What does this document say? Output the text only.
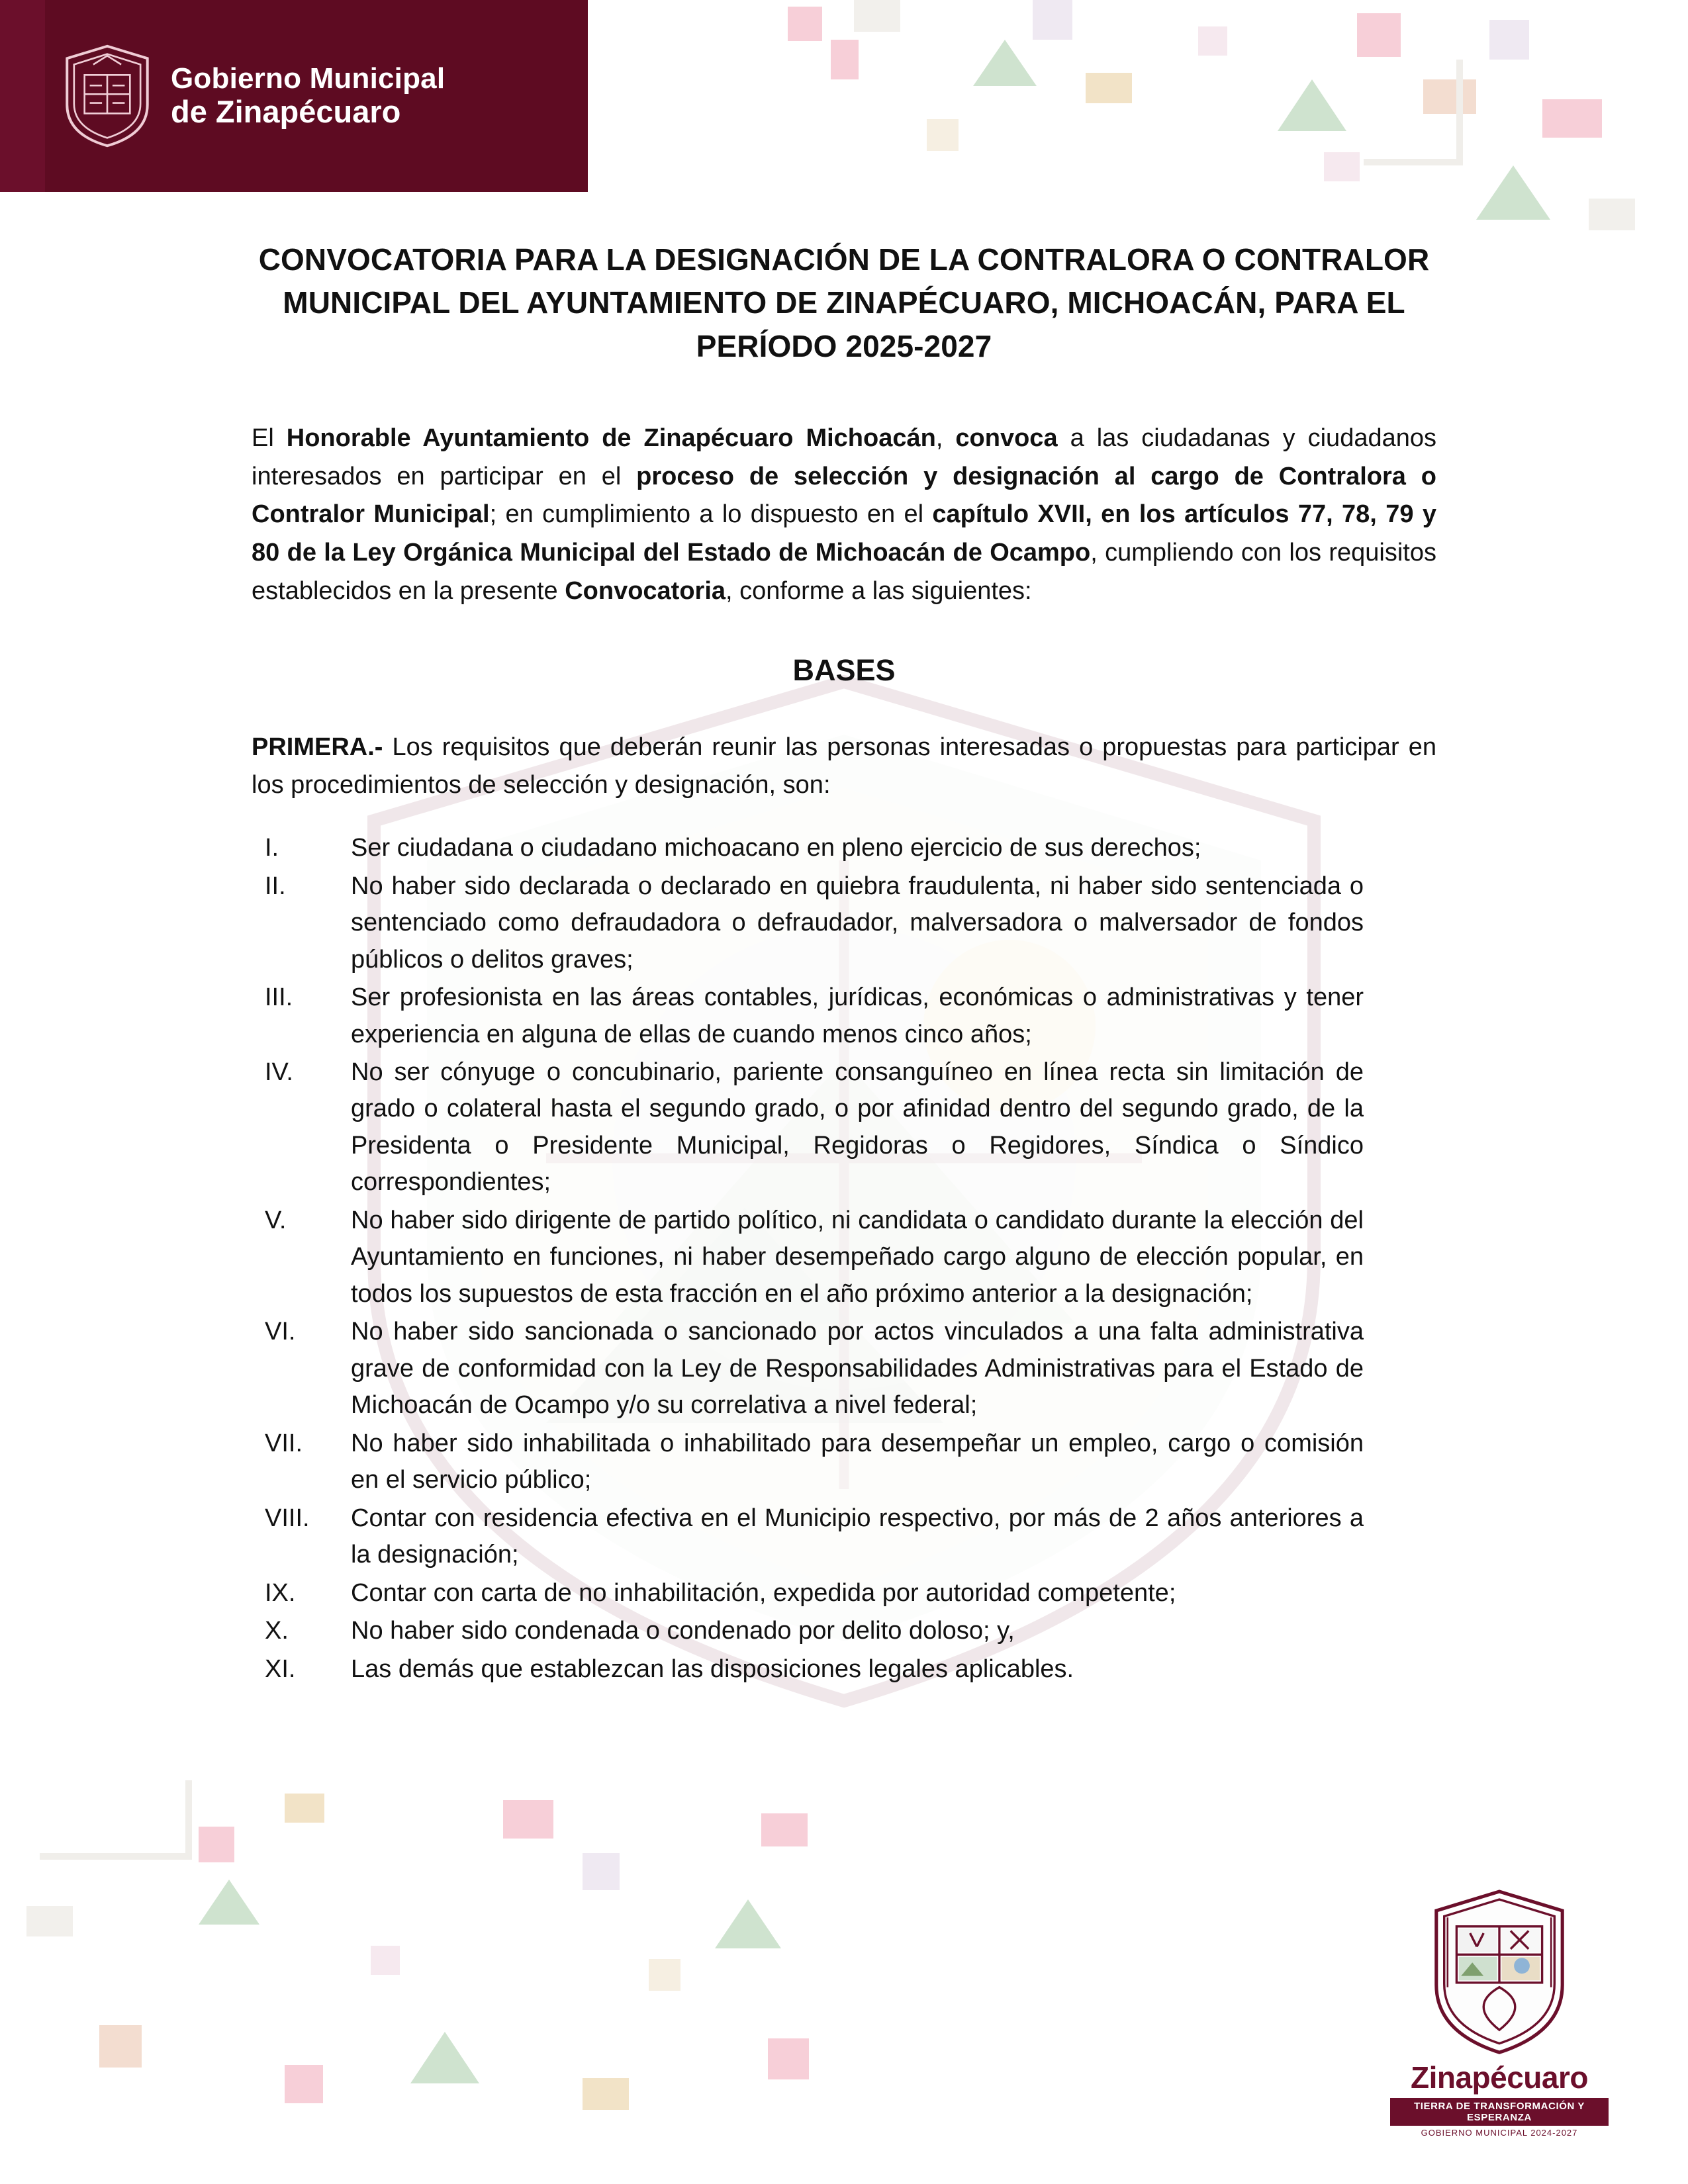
Gobierno Municipal
de Zinapécuaro
CONVOCATORIA PARA LA DESIGNACIÓN DE LA CONTRALORA O CONTRALOR MUNICIPAL DEL AYUNTAMIENTO DE ZINAPÉCUARO, MICHOACÁN, PARA EL PERÍODO 2025-2027
El Honorable Ayuntamiento de Zinapécuaro Michoacán, convoca a las ciudadanas y ciudadanos interesados en participar en el proceso de selección y designación al cargo de Contralora o Contralor Municipal; en cumplimiento a lo dispuesto en el capítulo XVII, en los artículos 77, 78, 79 y 80 de la Ley Orgánica Municipal del Estado de Michoacán de Ocampo, cumpliendo con los requisitos establecidos en la presente Convocatoria, conforme a las siguientes:
BASES
PRIMERA.- Los requisitos que deberán reunir las personas interesadas o propuestas para participar en los procedimientos de selección y designación, son:
I.	Ser ciudadana o ciudadano michoacano en pleno ejercicio de sus derechos;
II.	No haber sido declarada o declarado en quiebra fraudulenta, ni haber sido sentenciada o sentenciado como defraudadora o defraudador, malversadora o malversador de fondos públicos o delitos graves;
III.	Ser profesionista en las áreas contables, jurídicas, económicas o administrativas y tener experiencia en alguna de ellas de cuando menos cinco años;
IV.	No ser cónyuge o concubinario, pariente consanguíneo en línea recta sin limitación de grado o colateral hasta el segundo grado, o por afinidad dentro del segundo grado, de la Presidenta o Presidente Municipal, Regidoras o Regidores, Síndica o Síndico correspondientes;
V.	No haber sido dirigente de partido político, ni candidata o candidato durante la elección del Ayuntamiento en funciones, ni haber desempeñado cargo alguno de elección popular, en todos los supuestos de esta fracción en el año próximo anterior a la designación;
VI.	No haber sido sancionada o sancionado por actos vinculados a una falta administrativa grave de conformidad con la Ley de Responsabilidades Administrativas para el Estado de Michoacán de Ocampo y/o su correlativa a nivel federal;
VII.	No haber sido inhabilitada o inhabilitado para desempeñar un empleo, cargo o comisión en el servicio público;
VIII.	Contar con residencia efectiva en el Municipio respectivo, por más de 2 años anteriores a la designación;
IX.	Contar con carta de no inhabilitación, expedida por autoridad competente;
X.	No haber sido condenada o condenado por delito doloso; y,
XI.	Las demás que establezcan las disposiciones legales aplicables.
Zinapécuaro
TIERRA DE TRANSFORMACIÓN Y ESPERANZA
GOBIERNO MUNICIPAL 2024-2027
